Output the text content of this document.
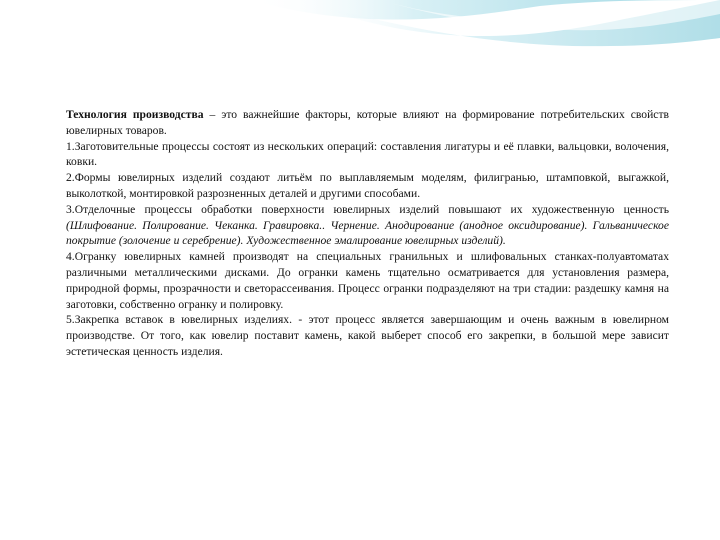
Технология производства – это важнейшие факторы, которые влияют на формирование потребительских свойств ювелирных товаров.

1.Заготовительные процессы состоят из нескольких операций: составления лигатуры и её плавки, вальцовки, волочения, ковки.

2.Формы ювелирных изделий создают литьём по выплавляемым моделям, филигранью, штамповкой, выгажкой, выколоткой, монтировкой разрозненных деталей и другими способами.

3.Отделочные процессы обработки поверхности ювелирных изделий повышают их художественную ценность (Шлифование. Полирование. Чеканка. Гравировка.. Чернение. Анодирование (анодное оксидирование). Гальваническое покрытие (золочение и серебрение). Художественное эмалирование ювелирных изделий).

4.Огранку ювелирных камней производят на специальных гранильных и шлифовальных станках-полуавтоматах различными металлическими дисками. До огранки камень тщательно осматривается для установления размера, природной формы, прозрачности и светорассеивания. Процесс огранки подразделяют на три стадии: раздешку камня на заготовки, собственно огранку и полировку.

5.Закрепка вставок в ювелирных изделиях. - этот процесс является завершающим и очень важным в ювелирном производстве. От того, как ювелир поставит камень, какой выберет способ его закрепки, в большой мере зависит эстетическая ценность изделия.
